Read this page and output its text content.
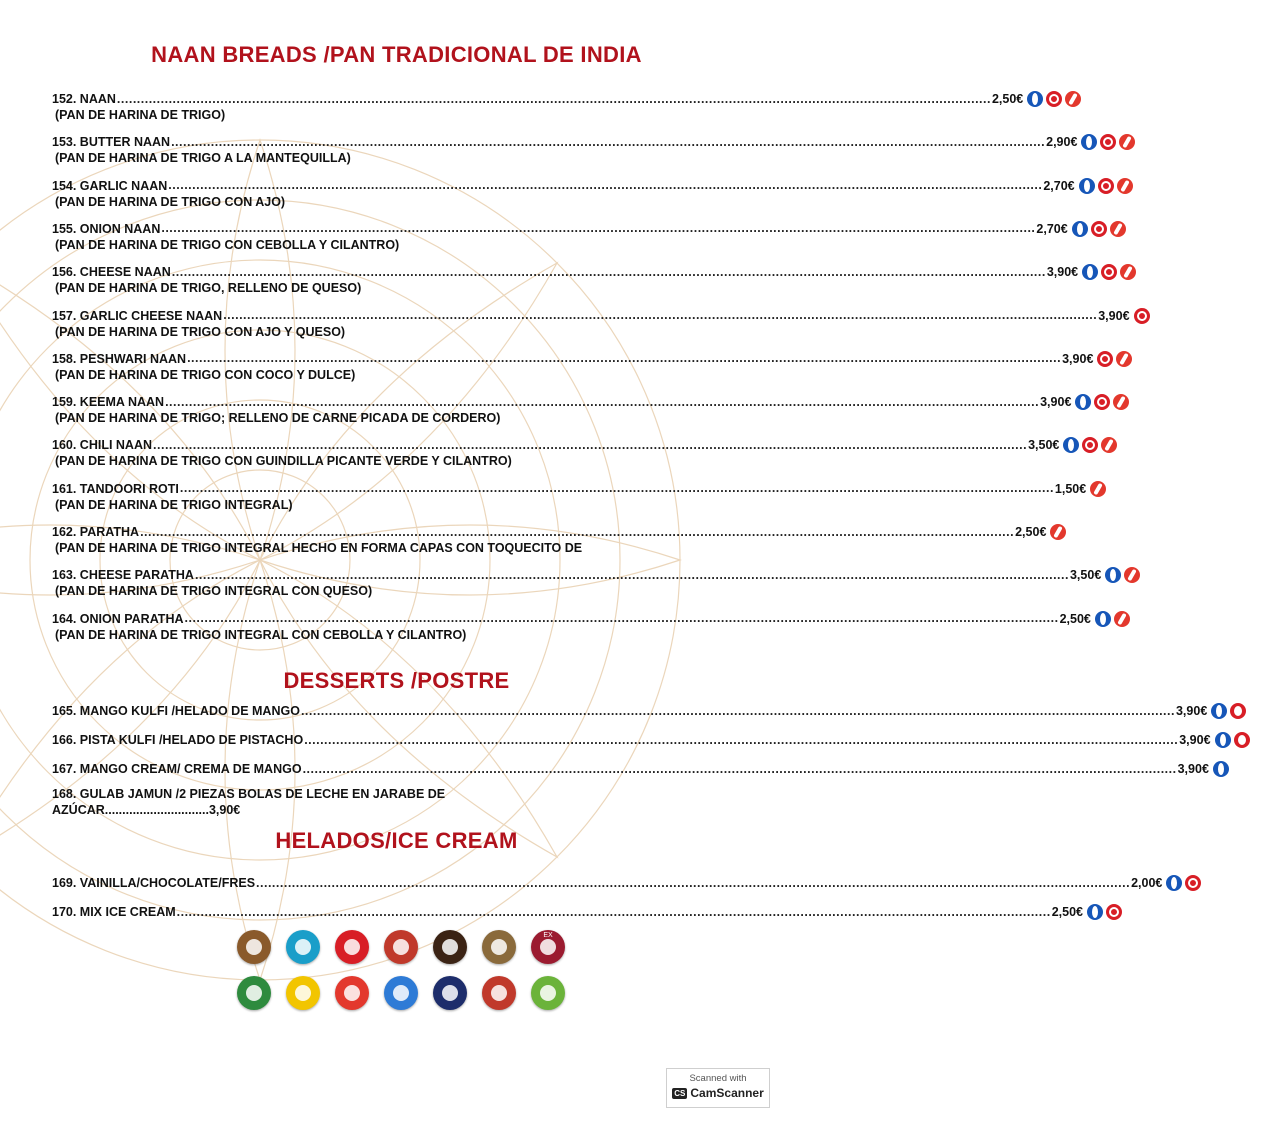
NAAN BREADS /PAN TRADICIONAL DE INDIA
152. NAAN ............................................................................................................................................................................................................................ 2,50€
(PAN DE HARINA DE TRIGO)
153. BUTTER NAAN ............................................................................................................................................................................................................................ 2,90€
(PAN DE HARINA DE TRIGO A LA MANTEQUILLA)
154. GARLIC NAAN ............................................................................................................................................................................................................................ 2,70€
(PAN DE HARINA DE TRIGO CON AJO)
155. ONION NAAN ............................................................................................................................................................................................................................ 2,70€
(PAN DE HARINA DE TRIGO CON CEBOLLA Y CILANTRO)
156. CHEESE NAAN ............................................................................................................................................................................................................................ 3,90€
(PAN DE HARINA DE TRIGO, RELLENO DE QUESO)
157. GARLIC CHEESE NAAN ............................................................................................................................................................................................................................ 3,90€
(PAN DE HARINA DE TRIGO CON AJO Y QUESO)
158. PESHWARI NAAN ............................................................................................................................................................................................................................ 3,90€
(PAN DE HARINA DE TRIGO CON COCO Y DULCE)
159. KEEMA NAAN ............................................................................................................................................................................................................................ 3,90€
(PAN DE HARINA DE TRIGO; RELLENO DE CARNE PICADA DE CORDERO)
160. CHILI NAAN ............................................................................................................................................................................................................................ 3,50€
(PAN DE HARINA DE TRIGO CON GUINDILLA PICANTE VERDE Y CILANTRO)
161. TANDOORI ROTI ............................................................................................................................................................................................................................ 1,50€
(PAN DE HARINA DE TRIGO INTEGRAL)
162. PARATHA ............................................................................................................................................................................................................................ 2,50€
(PAN DE HARINA DE TRIGO INTEGRAL HECHO EN FORMA CAPAS CON TOQUECITO DE
163. CHEESE PARATHA ............................................................................................................................................................................................................................ 3,50€
(PAN DE HARINA DE TRIGO INTEGRAL CON QUESO)
164. ONION PARATHA ............................................................................................................................................................................................................................ 2,50€
(PAN DE HARINA DE TRIGO INTEGRAL CON CEBOLLA Y CILANTRO)
DESSERTS /POSTRE
165. MANGO KULFI /HELADO DE MANGO ............................................................................................................................................................................................................................ 3,90€
166. PISTA KULFI /HELADO DE PISTACHO ............................................................................................................................................................................................................................ 3,90€
167. MANGO CREAM/ CREMA DE MANGO ............................................................................................................................................................................................................................ 3,90€
168. GULAB JAMUN /2 PIEZAS BOLAS DE LECHE EN JARABE DE
AZÚCAR..............................3,90€
HELADOS/ICE CREAM
169. VAINILLA/CHOCOLATE/FRES ............................................................................................................................................................................................................................ 2,00€
170. MIX ICE CREAM ............................................................................................................................................................................................................................ 2,50€
EX
Scanned with
CS CamScanner
